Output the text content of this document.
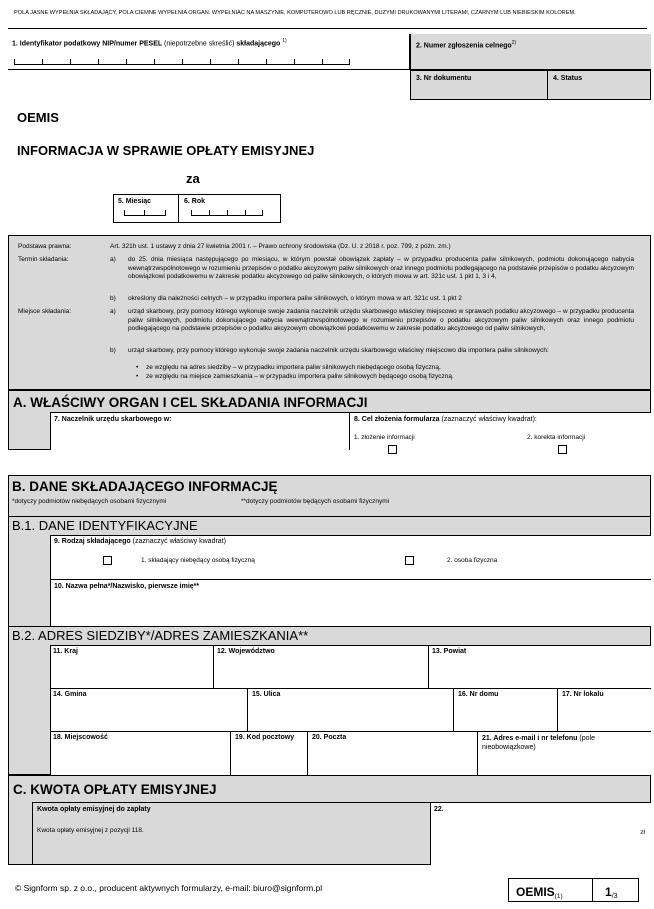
POLA JASNE WYPEŁNIA SKŁADAJĄCY, POLA CIEMNE WYPEŁNIA ORGAN. WYPEŁNIAĆ NA MASZYNIE, KOMPUTEROWO LUB RĘCZNIE, DUŻYMI DRUKOWANYMI LITERAMI, CZARNYM LUB NIEBIESKIM KOLOREM.
1. Identyfikator podatkowy NIP/numer PESEL (niepotrzebne skreślić) składającego $^{1)}$
2. Numer zgłoszenia celnego$^{2)}$
3. Nr dokumentu	4. Status
OEMIS
INFORMACJA W SPRAWIE OPŁATY EMISYJNEJ
za
5. Miesiąc	6. Rok
Podstawa prawna:	Art. 321h ust. 1 ustawy z dnia 27 kwietnia 2001 r. – Prawo ochrony środowiska (Dz. U. z 2018 r. poz. 799, z późn. zm.)
Termin składania:	a) do 25. dnia miesiąca następującego po miesiącu, w którym powstał obowiązek zapłaty – w przypadku producenta paliw silnikowych, podmiotu dokonującego nabycia wewnątrzwspólnotowego w rozumieniu przepisów o podatku akcyzowym paliw silnikowych oraz innego podmiotu podlegającego na podstawie przepisów o podatku akcyzowym obowiązkowi podatkowemu w zakresie podatku akcyzowego od paliw silnikowych, o których mowa w art. 321c ust. 1 pkt 1, 3 i 4,
b) określony dla należności celnych – w przypadku importera paliw silnikowych, o którym mowa w art. 321c ust. 1 pkt 2
Miejsce składania:	a) urząd skarbowy, przy pomocy którego wykonuje swoje zadania naczelnik urzędu skarbowego właściwy miejscowo w sprawach podatku akcyzowego – w przypadku producenta paliw silnikowych, podmiotu dokonującego nabycia wewnątrzwspólnotowego w rozumieniu przepisów o podatku akcyzowym paliw silnikowych oraz innego podmiotu podlegającego na podstawie przepisów o podatku akcyzowym obowiązkowi podatkowemu w zakresie podatku akcyzowego od paliw silnikowych,
b) urząd skarbowy, przy pomocy którego wykonuje swoje zadania naczelnik urzędu skarbowego właściwy miejscowo dla importera paliw silnikowych:
• ze względu na adres siedziby – w przypadku importera paliw silnikowych niebędącego osobą fizyczną,
• ze względu na miejsce zamieszkania – w przypadku importera paliw silnikowych będącego osobą fizyczną.
A. WŁAŚCIWY ORGAN I CEL SKŁADANIA INFORMACJI
7. Naczelnik urzędu skarbowego w:	8. Cel złożenia formularza (zaznaczyć właściwy kwadrat):
1. złożenie informacji	2. korekta informacji
B. DANE SKŁADAJĄCEGO INFORMACJĘ
*dotyczy podmiotów niebędących osobami fizycznymi	**dotyczy podmiotów będących osobami fizycznymi
B.1. DANE IDENTYFIKACYJNE
9. Rodzaj składającego (zaznaczyć właściwy kwadrat)
1. składający niebędący osobą fizyczną	2. osoba fizyczna
10. Nazwa pełna*/Nazwisko, pierwsze imię**
B.2. ADRES SIEDZIBY*/ADRES ZAMIESZKANIA**
11. Kraj	12. Województwo	13. Powiat
14. Gmina	15. Ulica	16. Nr domu	17. Nr lokalu
18. Miejscowość	19. Kod pocztowy	20. Poczta	21. Adres e-mail i nr telefonu (pole nieobowiązkowe)
C. KWOTA OPŁATY EMISYJNEJ
Kwota opłaty emisyjnej do zapłaty
Kwota opłaty emisyjnej z pozycji 118.
22.
zł
© Signform sp. z o.o., producent aktywnych formularzy, e-mail: biuro@signform.pl	OEMIS(1)	1/3
